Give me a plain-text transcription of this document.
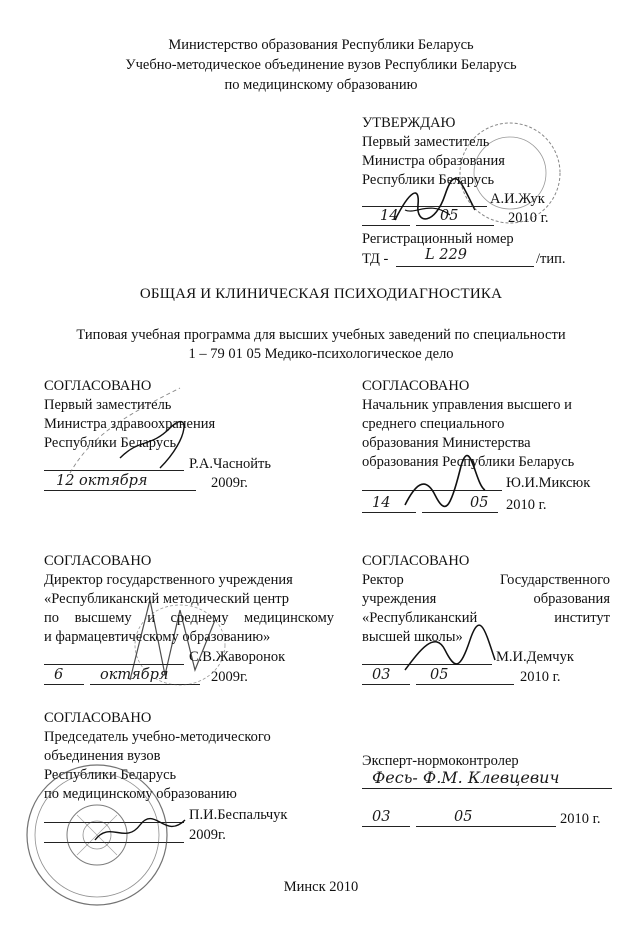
Министерство образования Республики Беларусь
Учебно-методическое объединение вузов Республики Беларусь
по медицинскому образованию
УТВЕРЖДАЮ
Первый заместитель
Министра образования
Республики Беларусь
А.И.Жук
14	05	2010 г.
Регистрационный номер
ТД -	L 229	/тип.
ОБЩАЯ И КЛИНИЧЕСКАЯ ПСИХОДИАГНОСТИКА
Типовая учебная программа для высших учебных заведений по специальности
1 – 79 01 05 Медико-психологическое дело
СОГЛАСОВАНО
Первый заместитель
Министра здравоохранения
Республики Беларусь
Р.А.Часнойть
12 октября	2009г.
СОГЛАСОВАНО
Начальник управления высшего и
среднего специального
образования Министерства
образования Республики Беларусь
Ю.И.Миксюк
14	05 2010 г.
СОГЛАСОВАНО
Директор государственного учреждения
«Республиканский методический центр
по высшему и среднему медицинскому
и фармацевтическому образованию»
С.В.Жаворонок
6	октября	2009г.
СОГЛАСОВАНО
Ректор Государственного
учреждения образования
«Республиканский институт
высшей школы»
М.И.Демчук
03	05	2010 г.
СОГЛАСОВАНО
Председатель учебно-методического
объединения вузов
Республики Беларусь
по медицинскому образованию
П.И.Беспальчук
2009г.
Эксперт-нормоконтролер
Фесь- Ф.М. Клевцевич
03	05	2010 г.
Минск 2010
